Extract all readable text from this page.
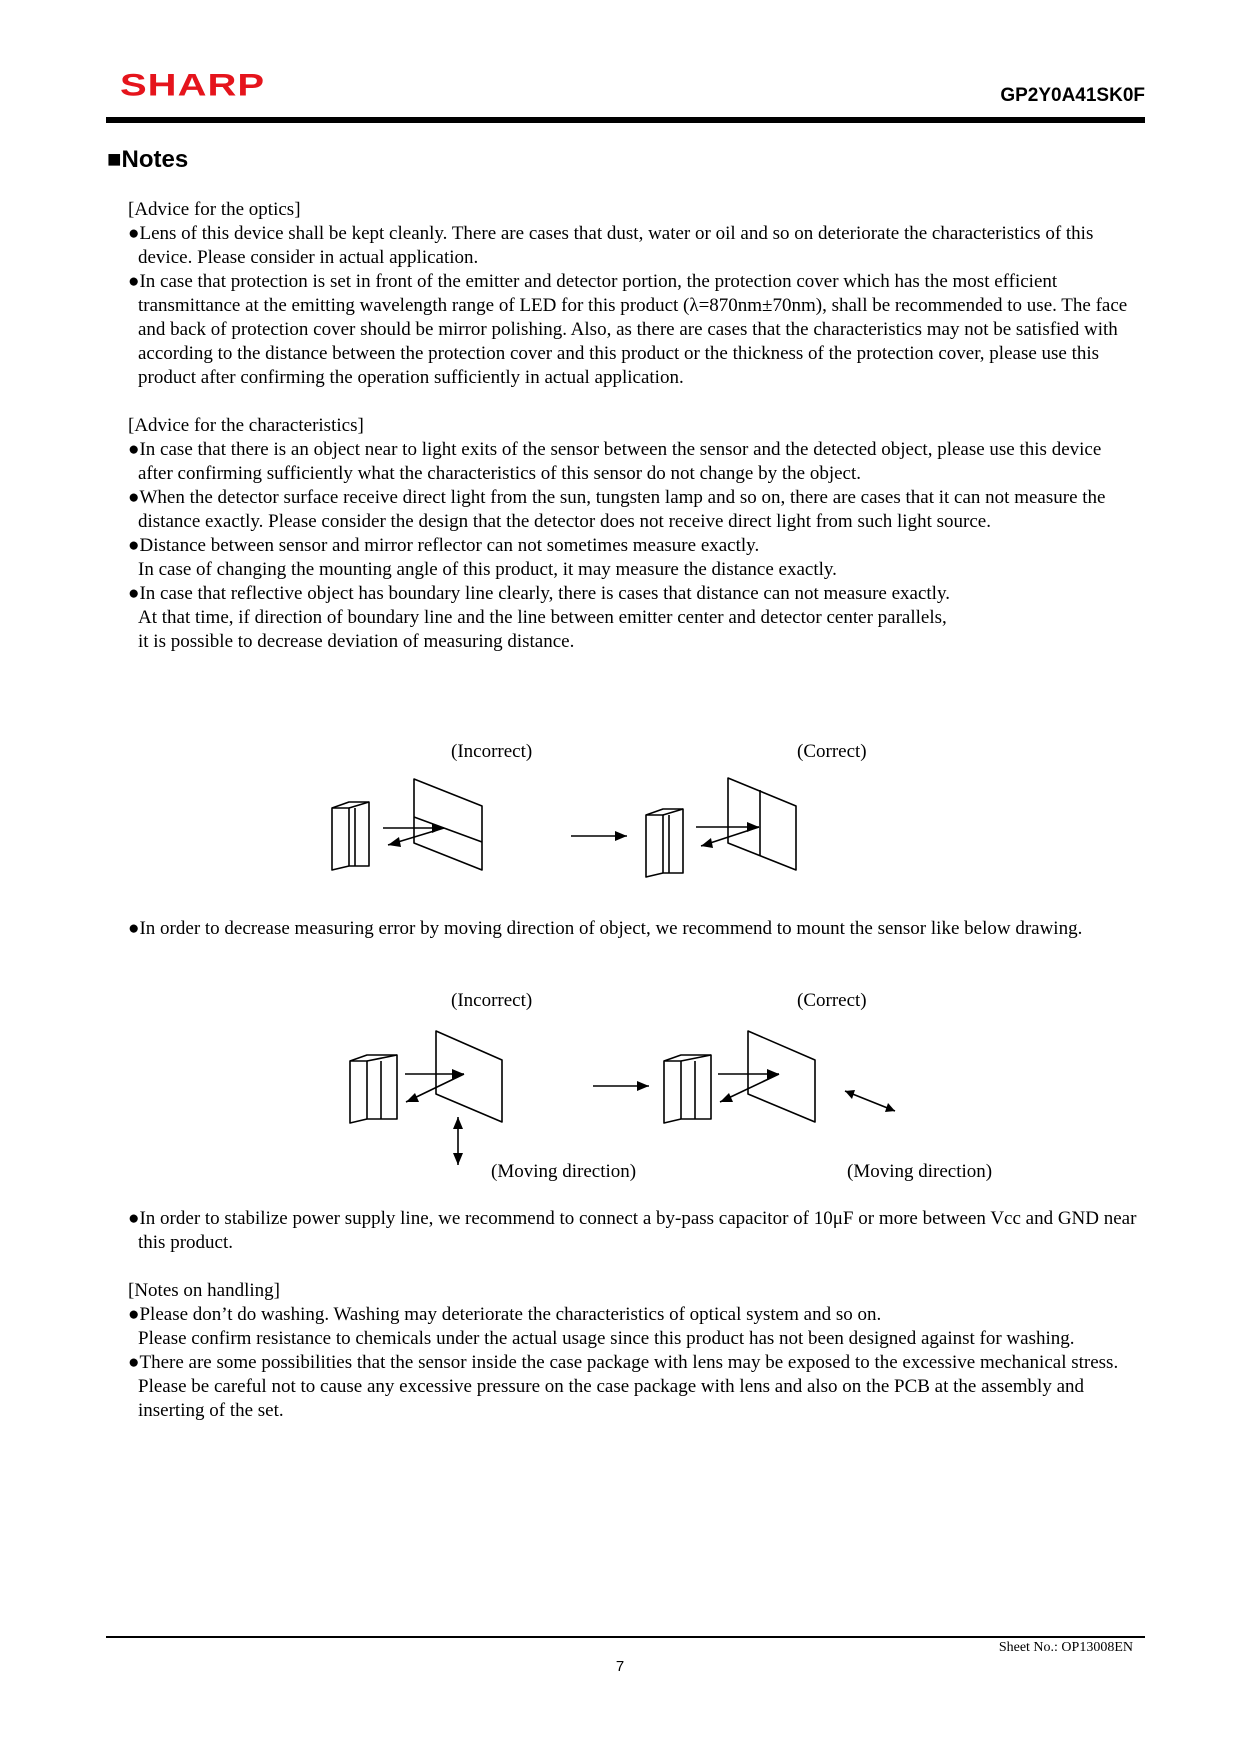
SHARP	GP2Y0A41SK0F
■Notes

[Advice for the optics]

●Lens of this device shall be kept cleanly. There are cases that dust, water or oil and so on deteriorate the characteristics of this device. Please consider in actual application.

●In case that protection is set in front of the emitter and detector portion, the protection cover which has the most efficient transmittance at the emitting wavelength range of LED for this product (λ=870nm±70nm), shall be recommended to use. The face and back of protection cover should be mirror polishing. Also, as there are cases that the characteristics may not be satisfied with according to the distance between the protection cover and this product or the thickness of the protection cover, please use this product after confirming the operation sufficiently in actual application.

[Advice for the characteristics]

●In case that there is an object near to light exits of the sensor between the sensor and the detected object, please use this device after confirming sufficiently what the characteristics of this sensor do not change by the object.

●When the detector surface receive direct light from the sun, tungsten lamp and so on, there are cases that it can not measure the distance exactly. Please consider the design that the detector does not receive direct light from such light source.

●Distance between sensor and mirror reflector can not sometimes measure exactly.

In case of changing the mounting angle of this product, it may measure the distance exactly.

●In case that reflective object has boundary line clearly, there is cases that distance can not measure exactly.

At that time, if direction of boundary line and the line between emitter center and detector center parallels,

it is possible to decrease deviation of measuring distance.

(Incorrect)	(Correct)

●In order to decrease measuring error by moving direction of object, we recommend to mount the sensor like below drawing.

(Incorrect)	(Correct)
(Moving direction)	(Moving direction)

●In order to stabilize power supply line, we recommend to connect a by-pass capacitor of 10μF or more between Vcc and GND near this product.

[Notes on handling]

●Please don’t do washing. Washing may deteriorate the characteristics of optical system and so on.

Please confirm resistance to chemicals under the actual usage since this product has not been designed against for washing.

●There are some possibilities that the sensor inside the case package with lens may be exposed to the excessive mechanical stress. Please be careful not to cause any excessive pressure on the case package with lens and also on the PCB at the assembly and inserting of the set.

Sheet No.: OP13008EN
7
